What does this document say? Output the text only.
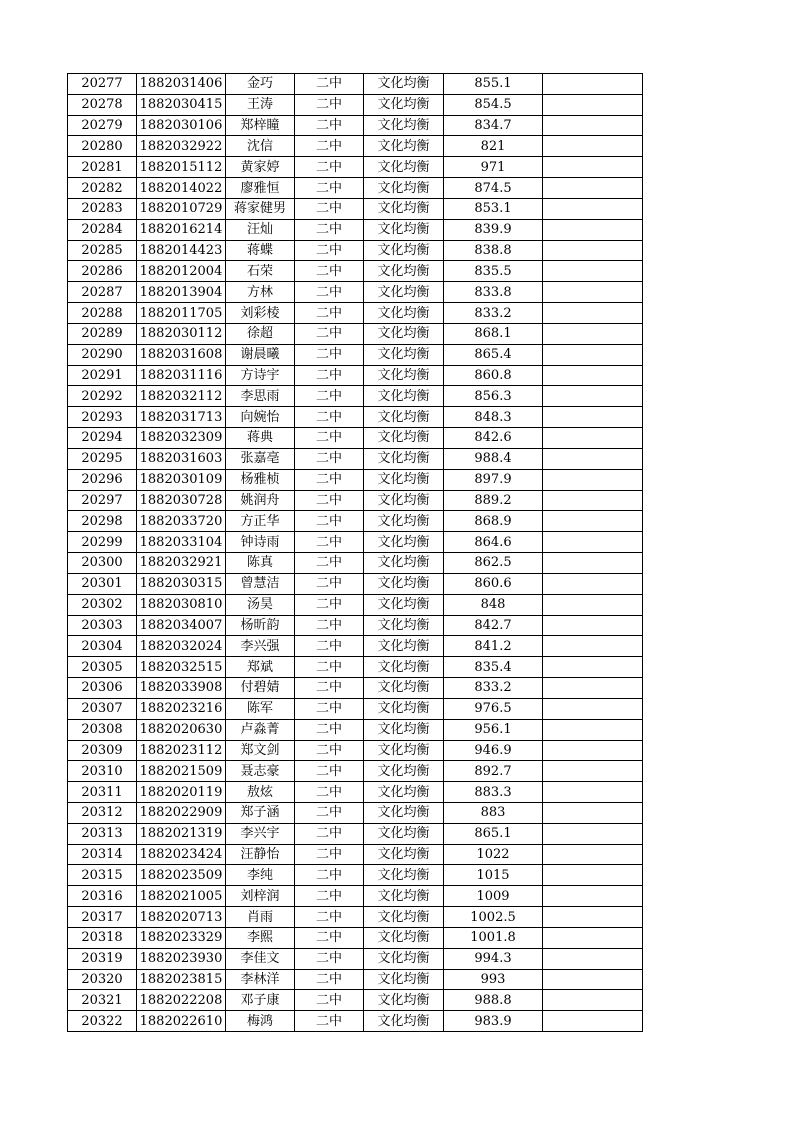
20277	1882031406	金巧	二中	文化均衡	855.1	
20278	1882030415	王涛	二中	文化均衡	854.5	
20279	1882030106	郑梓瞳	二中	文化均衡	834.7	
20280	1882032922	沈信	二中	文化均衡	821	
20281	1882015112	黄家婷	二中	文化均衡	971	
20282	1882014022	廖雅恒	二中	文化均衡	874.5	
20283	1882010729	蒋家健男	二中	文化均衡	853.1	
20284	1882016214	汪灿	二中	文化均衡	839.9	
20285	1882014423	蒋蝶	二中	文化均衡	838.8	
20286	1882012004	石荣	二中	文化均衡	835.5	
20287	1882013904	方林	二中	文化均衡	833.8	
20288	1882011705	刘彩棱	二中	文化均衡	833.2	
20289	1882030112	徐超	二中	文化均衡	868.1	
20290	1882031608	谢晨曦	二中	文化均衡	865.4	
20291	1882031116	方诗宇	二中	文化均衡	860.8	
20292	1882032112	李思雨	二中	文化均衡	856.3	
20293	1882031713	向婉怡	二中	文化均衡	848.3	
20294	1882032309	蒋典	二中	文化均衡	842.6	
20295	1882031603	张嘉亳	二中	文化均衡	988.4	
20296	1882030109	杨雅桢	二中	文化均衡	897.9	
20297	1882030728	姚润舟	二中	文化均衡	889.2	
20298	1882033720	方正华	二中	文化均衡	868.9	
20299	1882033104	钟诗雨	二中	文化均衡	864.6	
20300	1882032921	陈真	二中	文化均衡	862.5	
20301	1882030315	曾慧洁	二中	文化均衡	860.6	
20302	1882030810	汤昊	二中	文化均衡	848	
20303	1882034007	杨昕韵	二中	文化均衡	842.7	
20304	1882032024	李兴强	二中	文化均衡	841.2	
20305	1882032515	郑斌	二中	文化均衡	835.4	
20306	1882033908	付碧婧	二中	文化均衡	833.2	
20307	1882023216	陈军	二中	文化均衡	976.5	
20308	1882020630	卢淼菁	二中	文化均衡	956.1	
20309	1882023112	郑文剑	二中	文化均衡	946.9	
20310	1882021509	聂志豪	二中	文化均衡	892.7	
20311	1882020119	敖炫	二中	文化均衡	883.3	
20312	1882022909	郑子涵	二中	文化均衡	883	
20313	1882021319	李兴宇	二中	文化均衡	865.1	
20314	1882023424	汪静怡	二中	文化均衡	1022	
20315	1882023509	李纯	二中	文化均衡	1015	
20316	1882021005	刘梓润	二中	文化均衡	1009	
20317	1882020713	肖雨	二中	文化均衡	1002.5	
20318	1882023329	李熙	二中	文化均衡	1001.8	
20319	1882023930	李佳文	二中	文化均衡	994.3	
20320	1882023815	李林洋	二中	文化均衡	993	
20321	1882022208	邓子康	二中	文化均衡	988.8	
20322	1882022610	梅鸿	二中	文化均衡	983.9	
